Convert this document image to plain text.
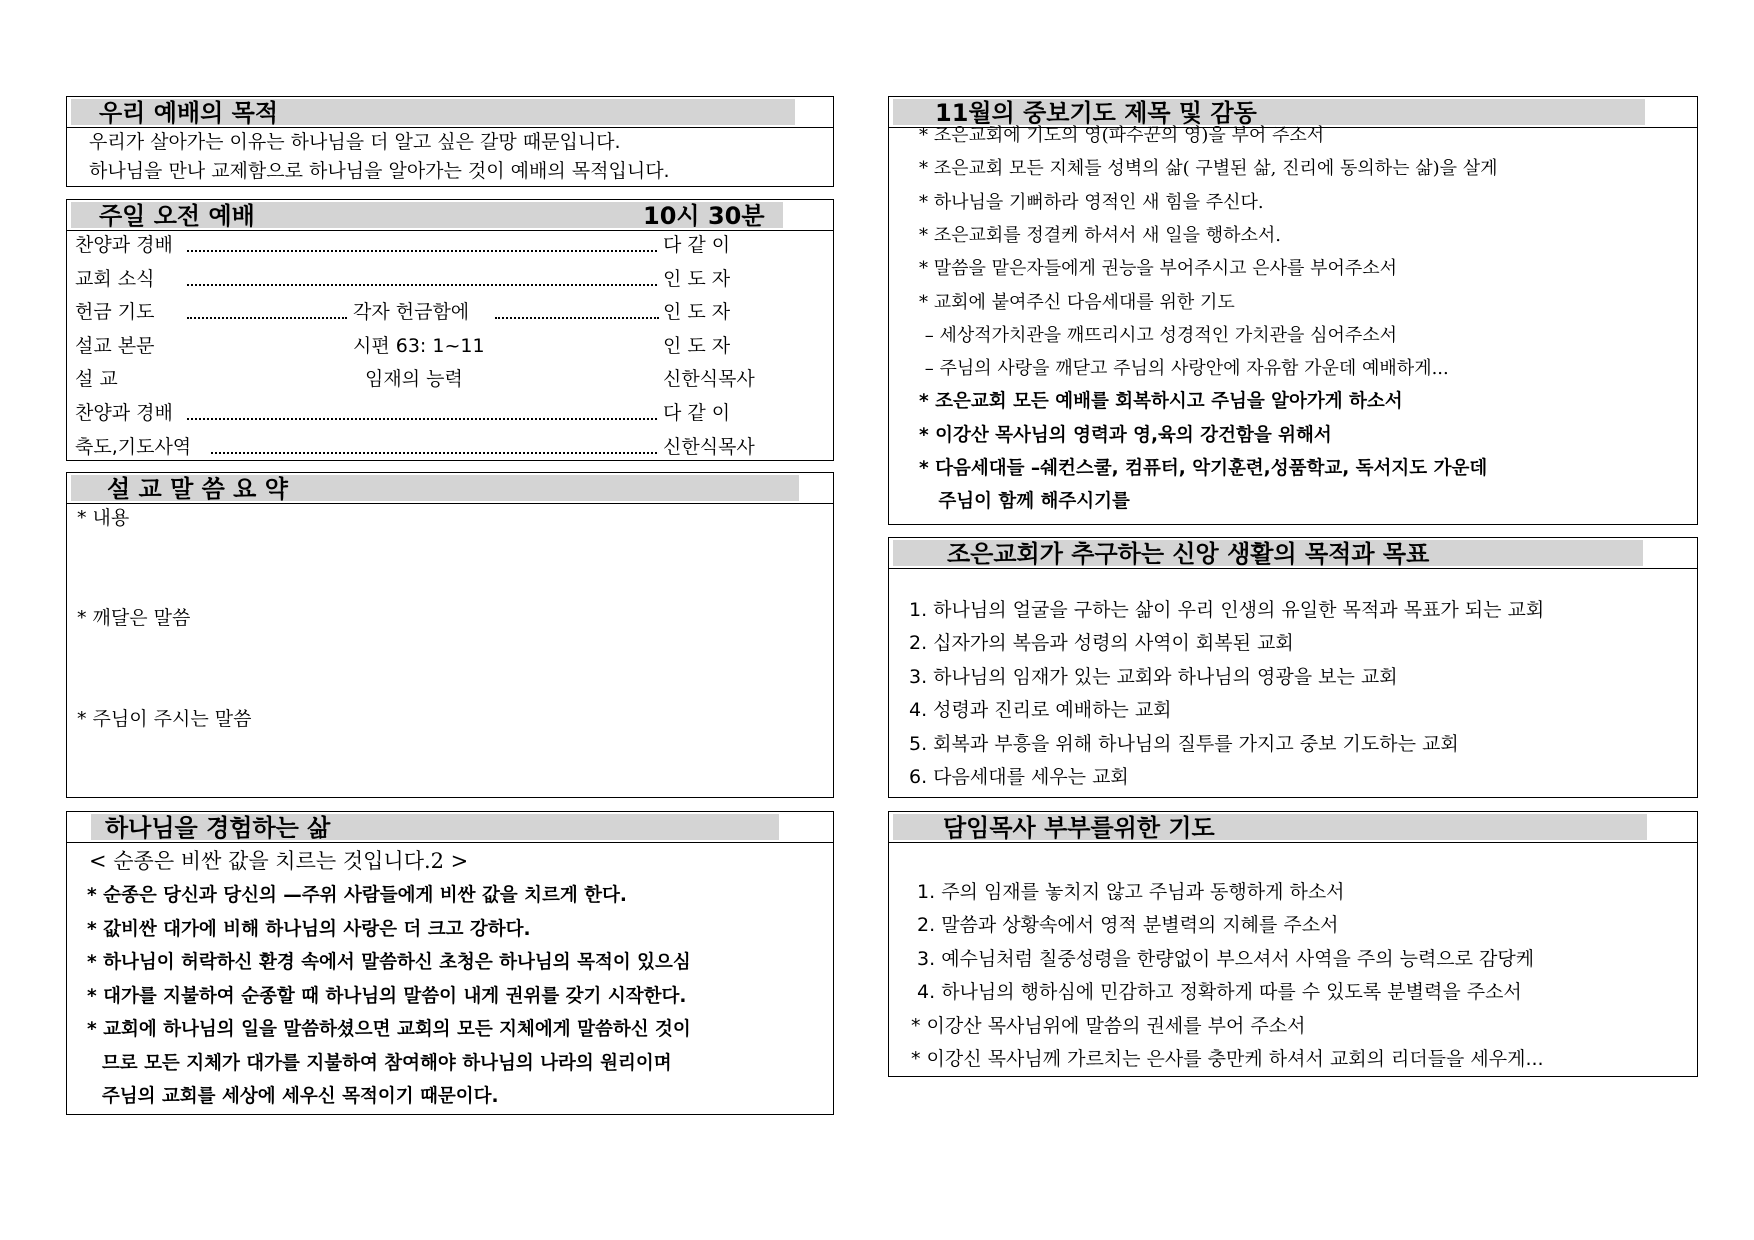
우리 예배의 목적
우리가 살아가는 이유는 하나님을 더 알고 싶은 갈망 때문입니다.
하나님을 만나 교제함으로 하나님을 알아가는 것이 예배의 목적입니다.
주일 오전 예배	10시 30분
찬양과 경배	다 같 이
교회 소식	인 도 자
헌금 기도	각자 헌금함에	인 도 자
설교 본문	시편 63: 1~11	인 도 자
설 교	임재의 능력	신한식목사
찬양과 경배	다 같 이
축도,기도사역	신한식목사
설 교 말 씀 요 약
* 내용
* 깨달은 말씀
* 주님이 주시는 말씀
하나님을 경험하는 삶
< 순종은 비싼 값을 치르는 것입니다.2 >
* 순종은 당신과 당신의 —주위 사람들에게 비싼 값을 치르게 한다.
* 값비싼 대가에 비해 하나님의 사랑은 더 크고 강하다.
* 하나님이 허락하신 환경 속에서 말씀하신 초청은 하나님의 목적이 있으심
* 대가를 지불하여 순종할 때 하나님의 말씀이 내게 권위를 갖기 시작한다.
* 교회에 하나님의 일을 말씀하셨으면 교회의 모든 지체에게 말씀하신 것이
므로 모든 지체가 대가를 지불하여 참여해야 하나님의 나라의 원리이며
주님의 교회를 세상에 세우신 목적이기 때문이다.
11월의 중보기도 제목 및 감동
* 조은교회에 기도의 영(파수꾼의 영)을 부어 주소서
* 조은교회 모든 지체들 성벽의 삶( 구별된 삶, 진리에 동의하는 삶)을 살게
* 하나님을 기뻐하라 영적인 새 힘을 주신다.
* 조은교회를 정결케 하셔서 새 일을 행하소서.
* 말씀을 맡은자들에게 권능을 부어주시고 은사를 부어주소서
* 교회에 붙여주신 다음세대를 위한 기도
– 세상적가치관을 깨뜨리시고 성경적인 가치관을 심어주소서
– 주님의 사랑을 깨닫고 주님의 사랑안에 자유함 가운데 예배하게...
* 조은교회 모든 예배를 회복하시고 주님을 알아가게 하소서
* 이강산 목사님의 영력과 영,육의 강건함을 위해서
* 다음세대들 –쉐컨스쿨, 컴퓨터, 악기훈련,성품학교, 독서지도 가운데
주님이 함께 해주시기를
조은교회가 추구하는 신앙 생활의 목적과 목표
1. 하나님의 얼굴을 구하는 삶이 우리 인생의 유일한 목적과 목표가 되는 교회
2. 십자가의 복음과 성령의 사역이 회복된 교회
3. 하나님의 임재가 있는 교회와 하나님의 영광을 보는 교회
4. 성령과 진리로 예배하는 교회
5. 회복과 부흥을 위해 하나님의 질투를 가지고 중보 기도하는 교회
6. 다음세대를 세우는 교회
담임목사 부부를위한 기도
1. 주의 임재를 놓치지 않고 주님과 동행하게 하소서
2. 말씀과 상황속에서 영적 분별력의 지혜를 주소서
3. 예수님처럼 칠중성령을 한량없이 부으셔서 사역을 주의 능력으로 감당케
4. 하나님의 행하심에 민감하고 정확하게 따를 수 있도록 분별력을 주소서
* 이강산 목사님위에 말씀의 권세를 부어 주소서
* 이강신 목사님께 가르치는 은사를 충만케 하셔서 교회의 리더들을 세우게...
